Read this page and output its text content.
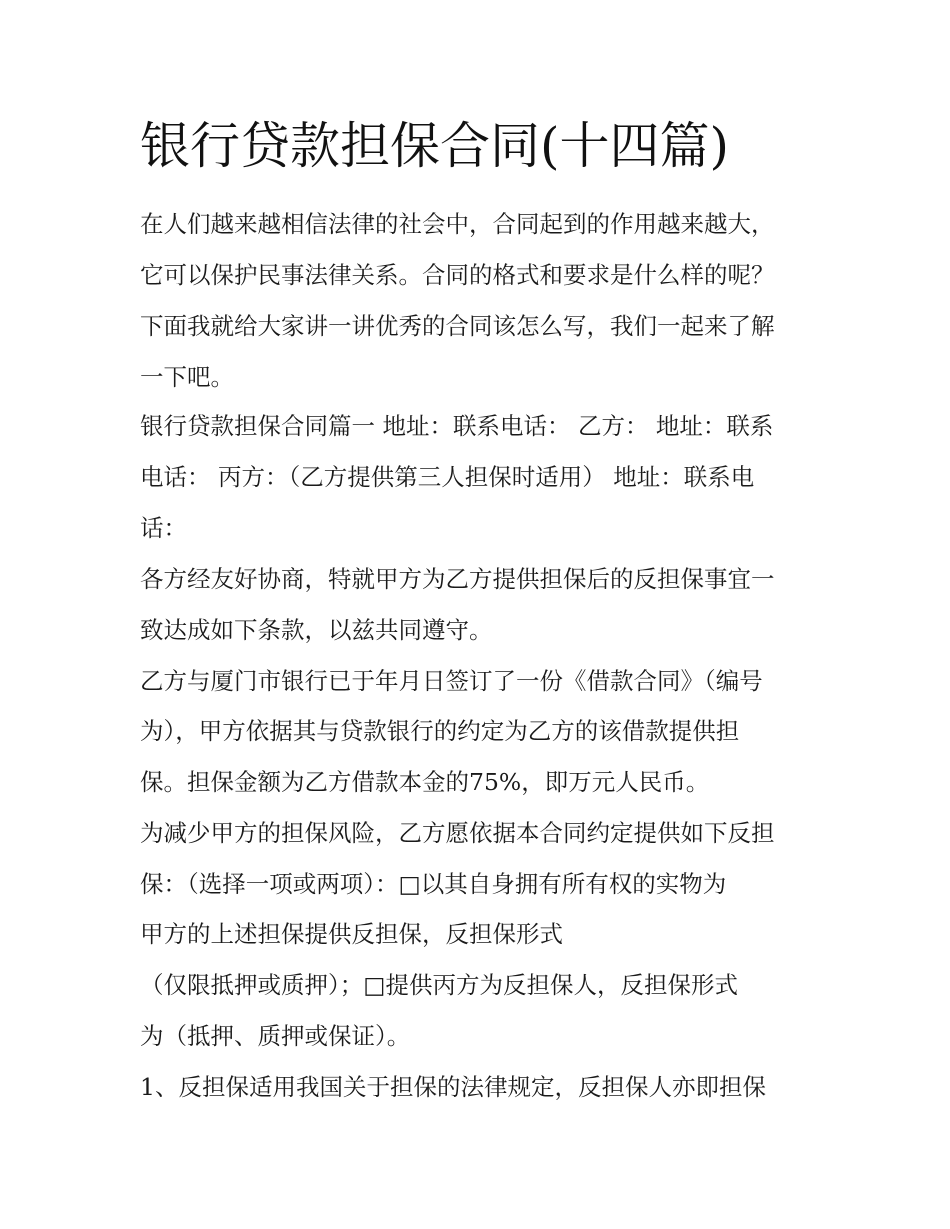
银行贷款担保合同(十四篇)
在人们越来越相信法律的社会中，合同起到的作用越来越大，
它可以保护民事法律关系。合同的格式和要求是什么样的呢？
下面我就给大家讲一讲优秀的合同该怎么写，我们一起来了解
一下吧。
银行贷款担保合同篇一 地址：联系电话： 乙方： 地址：联系
电话： 丙方：（乙方提供第三人担保时适用） 地址：联系电
话：
各方经友好协商，特就甲方为乙方提供担保后的反担保事宜一
致达成如下条款，以兹共同遵守。
乙方与厦门市银行已于年月日签订了一份《借款合同》（编号
为），甲方依据其与贷款银行的约定为乙方的该借款提供担
保。担保金额为乙方借款本金的75%，即万元人民币。
为减少甲方的担保风险，乙方愿依据本合同约定提供如下反担
保：（选择一项或两项）：□以其自身拥有所有权的实物为
甲方的上述担保提供反担保，反担保形式
（仅限抵押或质押）；□提供丙方为反担保人，反担保形式
为（抵押、质押或保证）。
1、反担保适用我国关于担保的法律规定，反担保人亦即担保
